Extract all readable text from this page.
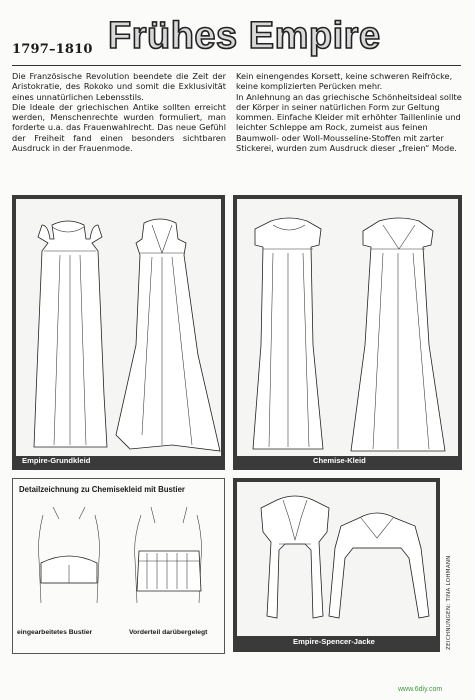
1797–1810 Frühes Empire

Die Französische Revolution beendete die Zeit der Aristokratie, des Rokoko und somit die Exklusivität eines unnatürlichen Lebensstils.

Die Ideale der griechischen Antike sollten erreicht werden, Menschenrechte wurden formuliert, man forderte u.a. das Frauenwahlrecht. Das neue Gefühl der Freiheit fand einen besonders sichtbaren Ausdruck in der Frauenmode.

Kein einengendes Korsett, keine schweren Reifröcke, keine komplizierten Perücken mehr.

In Anlehnung an das griechische Schönheitsideal sollte der Körper in seiner natürlichen Form zur Geltung kommen. Einfache Kleider mit erhöhter Taillenlinie und leichter Schleppe am Rock, zumeist aus feinen Baumwoll- oder Woll-Mousseline-Stoffen mit zarter Stickerei, wurden zum Ausdruck dieser „freien“ Mode.

Empire-Grundkleid	Chemise-Kleid
Detailzeichnung zu Chemisekleid mit Bustier
eingearbeitetes Bustier	Vorderteil darübergelegt
Empire-Spencer-Jacke	ZEICHNUNGEN: TINA LOHMANN
www.6diy.com
